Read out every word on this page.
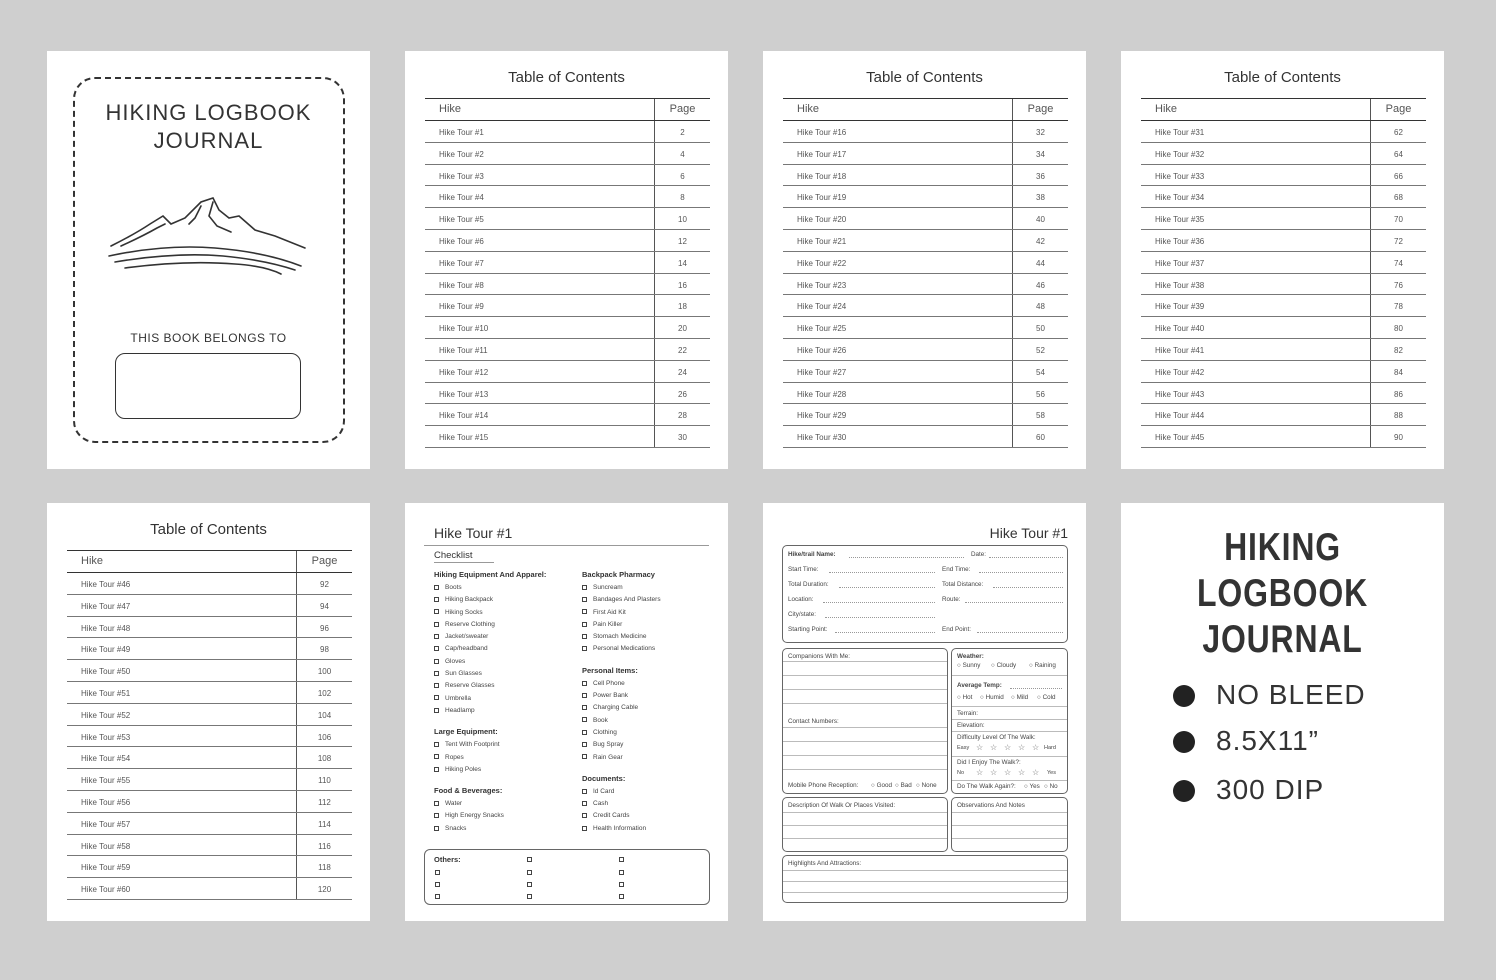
HIKING LOGBOOK
JOURNAL
THIS BOOK BELONGS TO
Table of Contents
Hike	Page
Hike Tour #1	2
Hike Tour #2	4
Hike Tour #3	6
Hike Tour #4	8
Hike Tour #5	10
Hike Tour #6	12
Hike Tour #7	14
Hike Tour #8	16
Hike Tour #9	18
Hike Tour #10	20
Hike Tour #11	22
Hike Tour #12	24
Hike Tour #13	26
Hike Tour #14	28
Hike Tour #15	30
Table of Contents
Hike	Page
Hike Tour #16	32
Hike Tour #17	34
Hike Tour #18	36
Hike Tour #19	38
Hike Tour #20	40
Hike Tour #21	42
Hike Tour #22	44
Hike Tour #23	46
Hike Tour #24	48
Hike Tour #25	50
Hike Tour #26	52
Hike Tour #27	54
Hike Tour #28	56
Hike Tour #29	58
Hike Tour #30	60
Table of Contents
Hike	Page
Hike Tour #31	62
Hike Tour #32	64
Hike Tour #33	66
Hike Tour #34	68
Hike Tour #35	70
Hike Tour #36	72
Hike Tour #37	74
Hike Tour #38	76
Hike Tour #39	78
Hike Tour #40	80
Hike Tour #41	82
Hike Tour #42	84
Hike Tour #43	86
Hike Tour #44	88
Hike Tour #45	90
Table of Contents
Hike	Page
Hike Tour #46	92
Hike Tour #47	94
Hike Tour #48	96
Hike Tour #49	98
Hike Tour #50	100
Hike Tour #51	102
Hike Tour #52	104
Hike Tour #53	106
Hike Tour #54	108
Hike Tour #55	110
Hike Tour #56	112
Hike Tour #57	114
Hike Tour #58	116
Hike Tour #59	118
Hike Tour #60	120
Hike Tour #1
Checklist
Hiking Equipment And Apparel:
Boots
Hiking Backpack
Hiking Socks
Reserve Clothing
Jacket/sweater
Cap/headband
Gloves
Sun Glasses
Reserve Glasses
Umbrella
Headlamp
Large Equipment:
Tent With Footprint
Ropes
Hiking Poles
Food & Beverages:
Water
High Energy Snacks
Snacks
Backpack Pharmacy
Suncream
Bandages And Plasters
First Aid Kit
Pain Killer
Stomach Medicine
Personal Medications
Personal Items:
Cell Phone
Power Bank
Charging Cable
Book
Clothing
Bug Spray
Rain Gear
Documents:
Id Card
Cash
Credit Cards
Health Information
Others:
Hike Tour #1
Hike/trail Name:	Date:
Start Time:	End Time:
Total Duration:	Total Distance:
Location:	Route:
City/state:
Starting Point:	End Point:
Companions With Me:
Contact Numbers:
Mobile Phone Reception: ○ Good ○ Bad ○ None
Weather:
○ Sunny ○ Cloudy ○ Raining
Average Temp:
○ Hot ○ Humid ○ Mild ○ Cold
Terrain:
Elevation:
Difficulty Level Of The Walk:
Easy ☆ ☆ ☆ ☆ ☆ Hard
Did I Enjoy The Walk?:
No ☆ ☆ ☆ ☆ ☆ Yes
Do The Walk Again?: ○ Yes ○ No
Description Of Walk Or Places Visited:	Observations And Notes
Highlights And Attractions:
HIKING LOGBOOK
JOURNAL
NO BLEED
8.5X11”
300 DIP
